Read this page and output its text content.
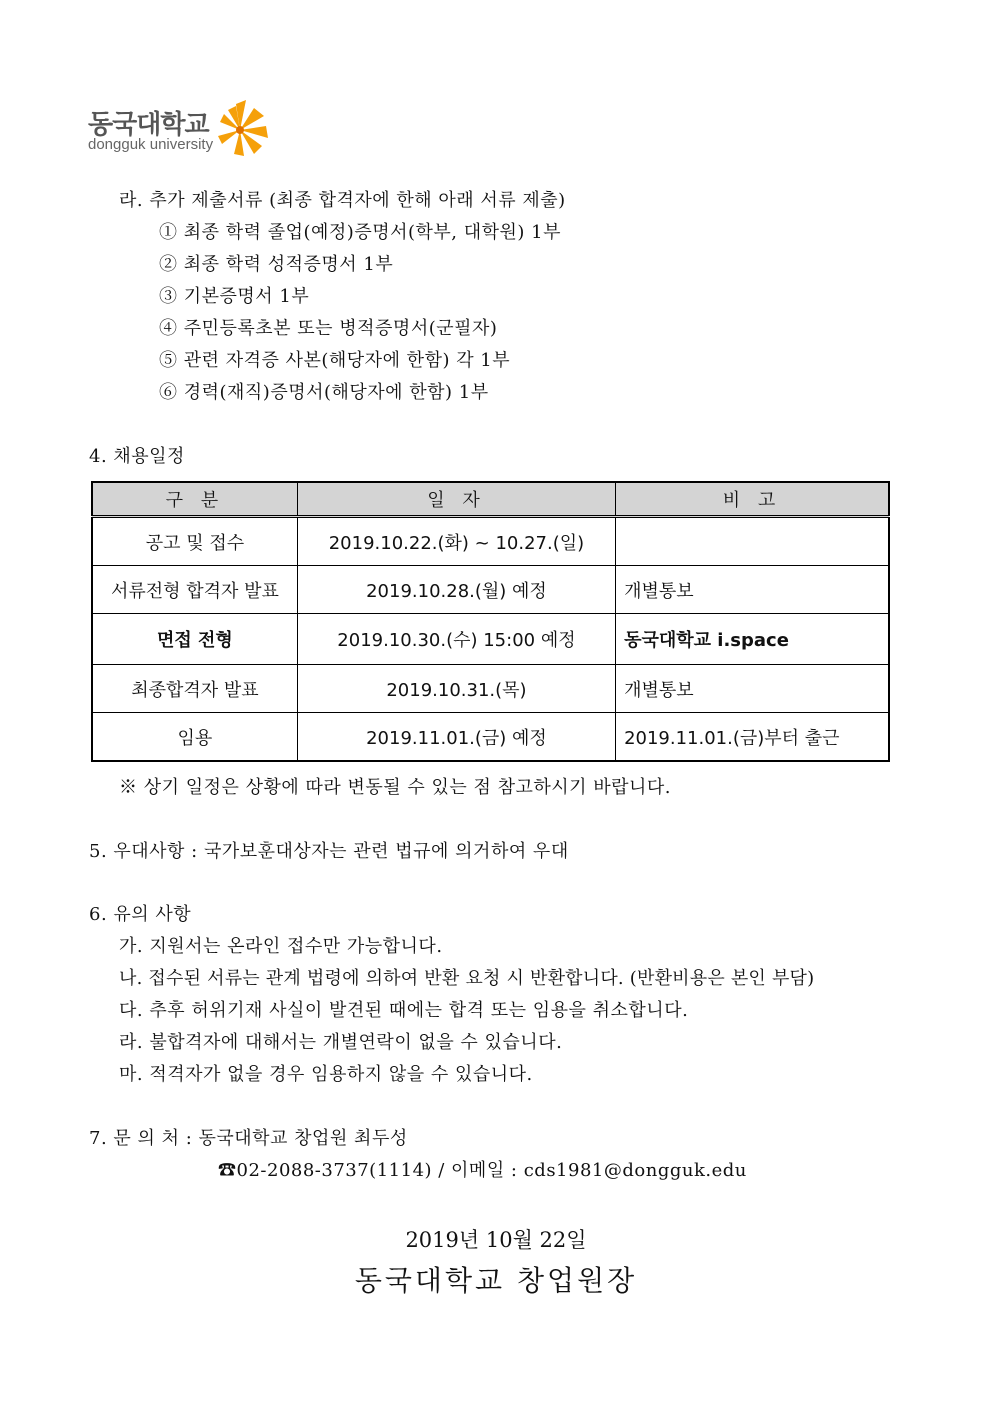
동국대학교
dongguk university
라. 추가 제출서류 (최종 합격자에 한해 아래 서류 제출)
① 최종 학력 졸업(예정)증명서(학부, 대학원) 1부
② 최종 학력 성적증명서 1부
③ 기본증명서 1부
④ 주민등록초본 또는 병적증명서(군필자)
⑤ 관련 자격증 사본(해당자에 한함) 각 1부
⑥ 경력(재직)증명서(해당자에 한함) 1부
4. 채용일정
구 분	일 자	비 고
공고 및 접수	2019.10.22.(화) ~ 10.27.(일)	
서류전형 합격자 발표	2019.10.28.(월) 예정	개별통보
면접 전형	2019.10.30.(수) 15:00 예정	동국대학교 i.space
최종합격자 발표	2019.10.31.(목)	개별통보
임용	2019.11.01.(금) 예정	2019.11.01.(금)부터 출근
※ 상기 일정은 상황에 따라 변동될 수 있는 점 참고하시기 바랍니다.
5. 우대사항 : 국가보훈대상자는 관련 법규에 의거하여 우대
6. 유의 사항
가. 지원서는 온라인 접수만 가능합니다.
나. 접수된 서류는 관계 법령에 의하여 반환 요청 시 반환합니다. (반환비용은 본인 부담)
다. 추후 허위기재 사실이 발견된 때에는 합격 또는 임용을 취소합니다.
라. 불합격자에 대해서는 개별연락이 없을 수 있습니다.
마. 적격자가 없을 경우 임용하지 않을 수 있습니다.
7. 문 의 처 : 동국대학교 창업원 최두성
☎02-2088-3737(1114) / 이메일 : cds1981@dongguk.edu
2019년 10월 22일
동국대학교 창업원장
